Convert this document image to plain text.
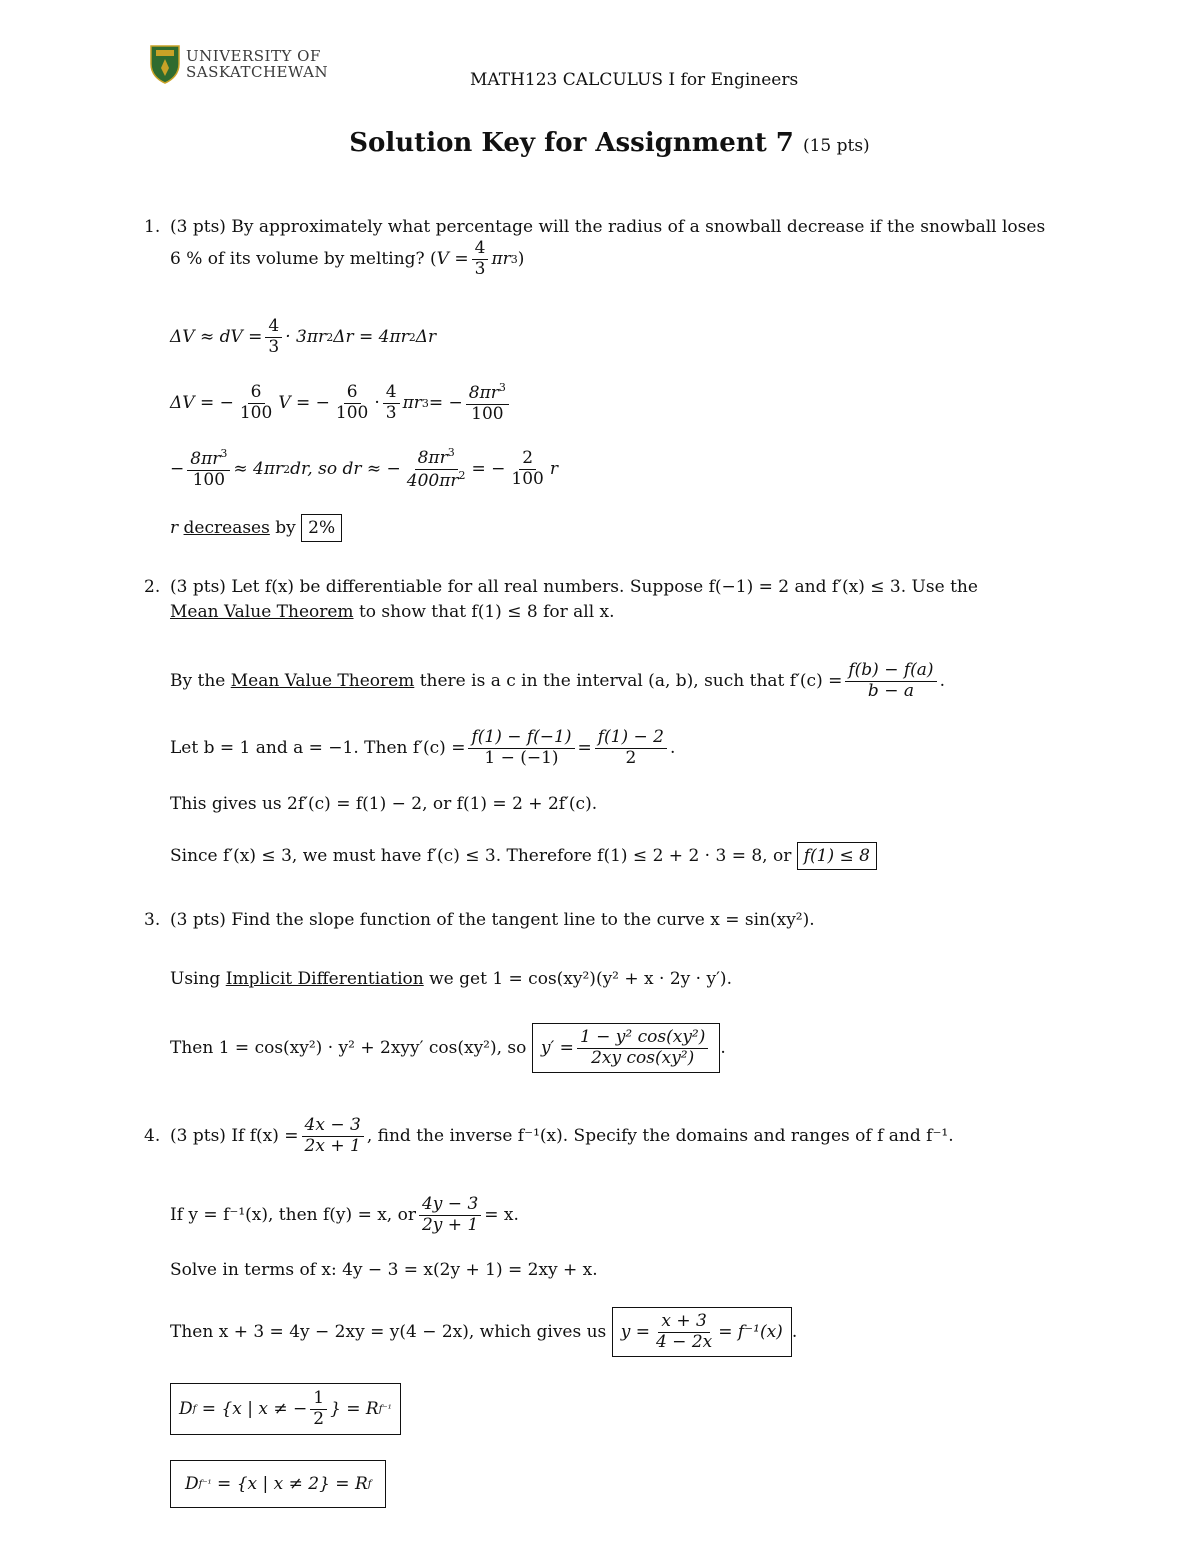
UNIVERSITY OF
SASKATCHEWAN	MATH123 CALCULUS I for Engineers
Solution Key for Assignment 7 (15 pts)
1. (3 pts) By approximately what percentage will the radius of a snowball decrease if the snowball loses
6 % of its volume by melting? ( $V = \frac{4}{3}$ πr 3 )
ΔV ≈ dV = $\frac{4}{3} \cdot 3\pi r$ 2 Δr = 4πr 2 Δr
ΔV = − $\frac{6}{100}$ V = − $\frac{6}{100} \cdot \frac{4}{3}$ πr 3 = − $\frac{8\pi r^3}{100}$
− $\frac{8\pi r^3}{100} \approx 4\pi r$ 2 dr, so dr ≈ − $\frac{8\pi r^3}{400\pi r^2}$ = − $\frac{2}{100}$ r
r
decreases
by
2%
2. (3 pts) Let f(x) be differentiable for all real numbers. Suppose f(−1) = 2 and f′(x) ≤ 3. Use the
Mean Value Theorem to show that f(1) ≤ 8 for all x.
By the
Mean Value Theorem
there is a c in the interval (a, b), such that $f'(c) = \frac{f(b) - f(a)}{b - a}$ .
Let b = 1 and a = −1. Then $f'(c) = \frac{f(1) - f(-1)}{1 - (-1)} = \frac{f(1) - 2}{2}$ .
This gives us 2f′(c) = f(1) − 2, or f(1) = 2 + 2f′(c).
Since f′(x) ≤ 3, we must have f′(c) ≤ 3. Therefore f(1) ≤ 2 + 2 · 3 = 8, or
f(1) ≤ 8
3. (3 pts) Find the slope function of the tangent line to the curve x = sin(xy²).
Using Implicit Differentiation we get 1 = cos(xy²)(y² + x · 2y · y′).
Then 1 = cos(xy²) · y² + 2xyy′ cos(xy²), so
$y' = \frac{\text{1 − y² cos(xy²)}}{\text{2xy cos(xy²)}}$ .
4. (3 pts) If $f(x) = \frac{4x - 3}{2x + 1}$ , find the inverse f⁻¹(x). Specify the domains and ranges of f and f⁻¹.
If y = f⁻¹(x), then f(y) = x, or $\frac{4y - 3}{2y + 1} = x$.
Solve in terms of x: 4y − 3 = x(2y + 1) = 2xy + x.
Then x + 3 = 4y − 2xy = y(4 − 2x), which gives us
$y = \frac{x + 3}{4 - 2x} = f^{-1}(x)$ .
D f
= {x | x ≠ − $\frac{1}{2}$ } = R f⁻¹
D f⁻¹
= {x | x ≠ 2} = R f
